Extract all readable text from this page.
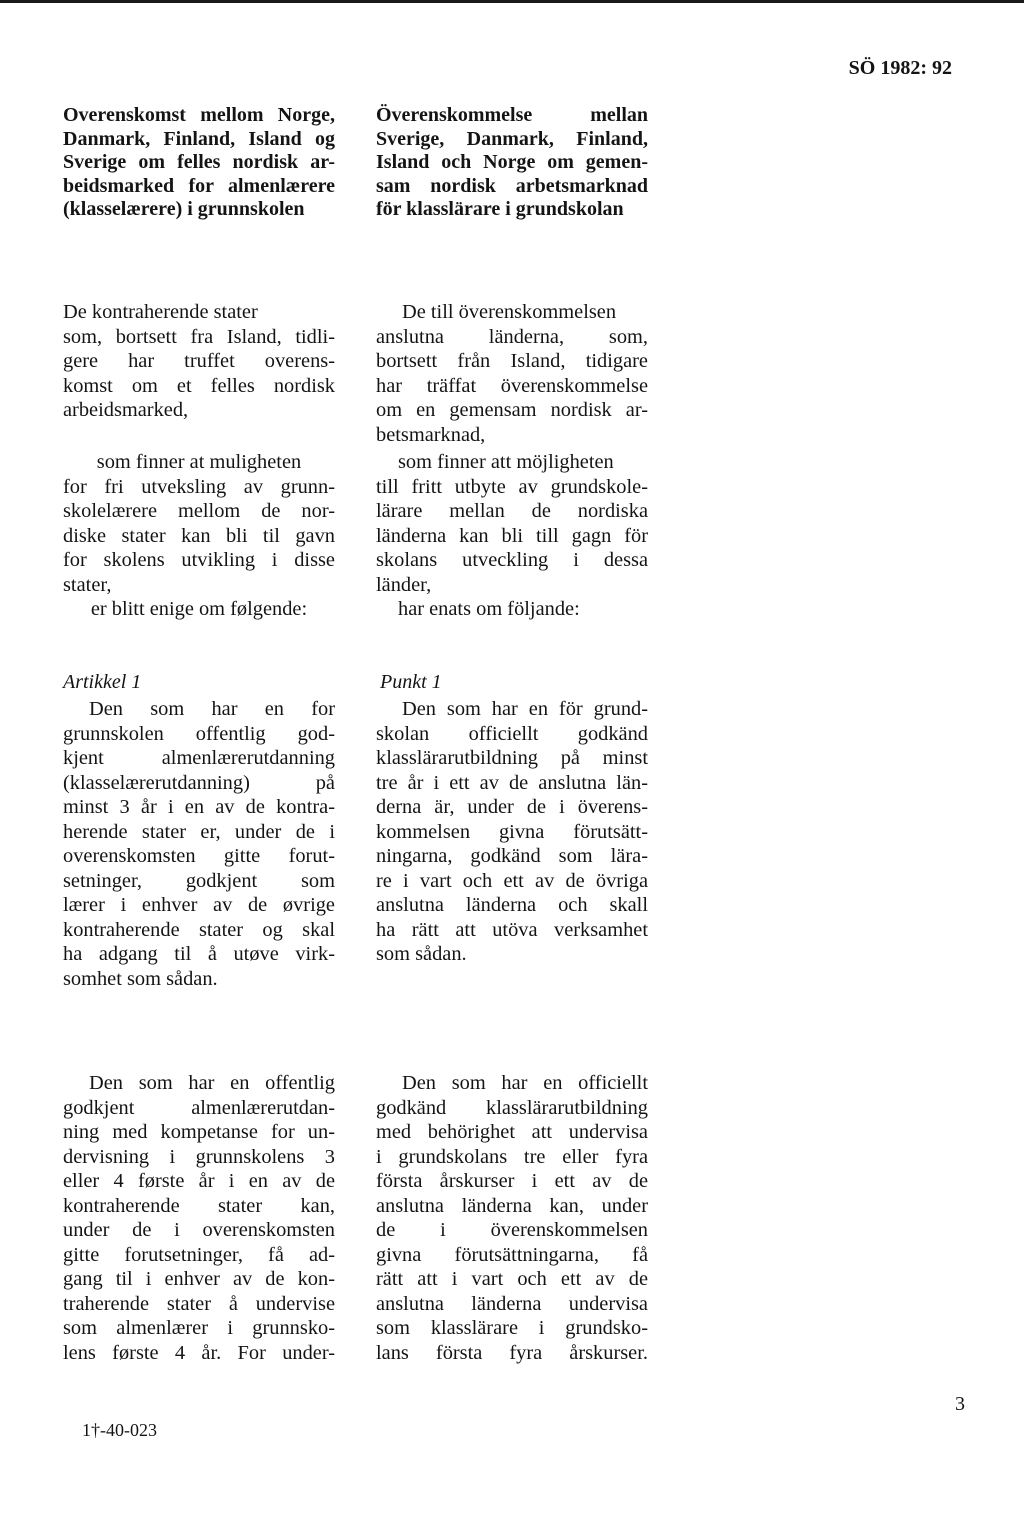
SÖ 1982: 92
Overenskomst mellom Norge,
Danmark, Finland, Island og
Sverige om felles nordisk ar-
beidsmarked for almenlærere
(klasselærere) i grunnskolen
De kontraherende stater
som, bortsett fra Island, tidli-
gere har truffet overens-
komst om et felles nordisk
arbeidsmarked,
som finner at muligheten
for fri utveksling av grunn-
skolelærere mellom de nor-
diske stater kan bli til gavn
for skolens utvikling i disse
stater,
er blitt enige om følgende:
Artikkel 1
Den som har en for
grunnskolen offentlig god-
kjent almenlærerutdanning
(klasselærerutdanning) på
minst 3 år i en av de kontra-
herende stater er, under de i
overenskomsten gitte forut-
setninger, godkjent som
lærer i enhver av de øvrige
kontraherende stater og skal
ha adgang til å utøve virk-
somhet som sådan.
Den som har en offentlig
godkjent almenlærerutdan-
ning med kompetanse for un-
dervisning i grunnskolens 3
eller 4 første år i en av de
kontraherende stater kan,
under de i overenskomsten
gitte forutsetninger, få ad-
gang til i enhver av de kon-
traherende stater å undervise
som almenlærer i grunnsko-
lens første 4 år. For under-
Överenskommelse mellan
Sverige, Danmark, Finland,
Island och Norge om gemen-
sam nordisk arbetsmarknad
för klasslärare i grundskolan
De till överenskommelsen
anslutna länderna, som,
bortsett från Island, tidigare
har träffat överenskommelse
om en gemensam nordisk ar-
betsmarknad,
som finner att möjligheten
till fritt utbyte av grundskole-
lärare mellan de nordiska
länderna kan bli till gagn för
skolans utveckling i dessa
länder,
har enats om följande:
Punkt 1
Den som har en för grund-
skolan officiellt godkänd
klasslärarutbildning på minst
tre år i ett av de anslutna län-
derna är, under de i överens-
kommelsen givna förutsätt-
ningarna, godkänd som lära-
re i vart och ett av de övriga
anslutna länderna och skall
ha rätt att utöva verksamhet
som sådan.
Den som har en officiellt
godkänd klasslärarutbildning
med behörighet att undervisa
i grundskolans tre eller fyra
första årskurser i ett av de
anslutna länderna kan, under
de i överenskommelsen
givna förutsättningarna, få
rätt att i vart och ett av de
anslutna länderna undervisa
som klasslärare i grundsko-
lans första fyra årskurser.
3
1†-40-023
